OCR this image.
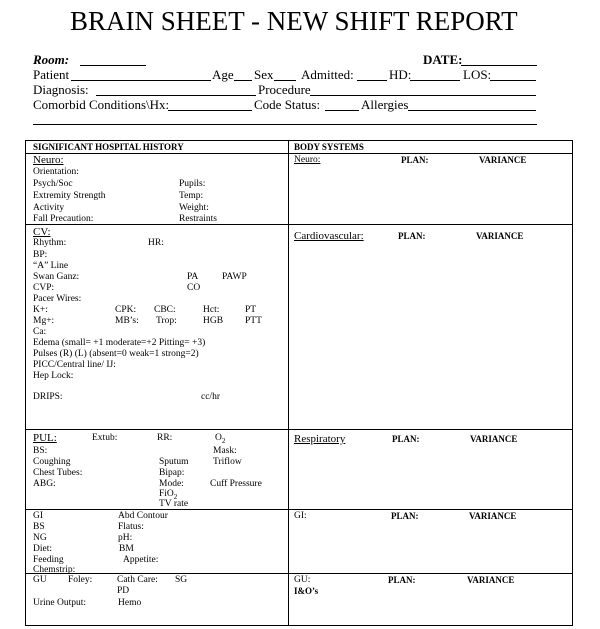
BRAIN SHEET - NEW SHIFT REPORT
Room:	DATE:
Patient	Age Sex Admitted:	HD:	LOS:
Diagnosis:	Procedure
Comorbid Conditions\Hx:	Code Status:	Allergies
SIGNIFICANT HOSPITAL HISTORY	BODY SYSTEMS
Neuro:
Orientation:
Psych/Soc	Pupils:
Extremity Strength	Temp:
Activity	Weight:
Fall Precaution:	Restraints
Neuro:	PLAN:	VARIANCE
CV:
Rhythm:	HR:
BP:
“A” Line
Swan Ganz:	PA PAWP
CVP:	CO
Pacer Wires:
K+:	CPK: CBC:	Hct:	PT
Mg+:	MB’s: Trop:	HGB PTT
Ca:
Edema (small= +1 moderate=+2 Pitting= +3)
Pulses (R) (L) (absent=0 weak=1 strong=2)
PICC/Central line/ IJ:
Hep Lock:
DRIPS:	cc/hr
Cardiovascular:	PLAN:	VARIANCE
PUL:	Extub:	RR:	$O_2$
BS:	Mask:
Coughing	Sputum	Triflow
Chest Tubes:	Bipap:
ABG:	Mode:	Cuff Pressure
FiO$_2$
TV rate
Respiratory	PLAN:	VARIANCE
GI	Abd Contour
BS	Flatus:
NG	pH:
Diet:	BM
Feeding	Appetite:
Chemstrip:
GI:	PLAN:	VARIANCE
GU Foley:	Cath Care: SG
PD
Urine Output:	Hemo
GU:	PLAN:	VARIANCE
I&O’s
